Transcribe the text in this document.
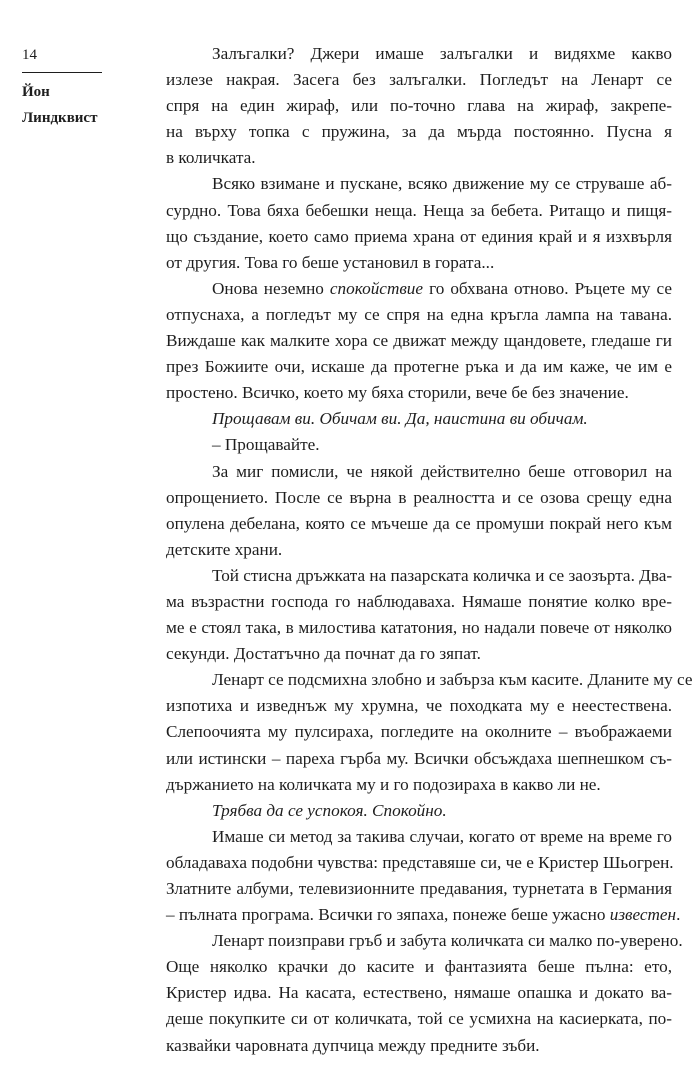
14
Йон
Линдквист

Залъгалки? Джери имаше залъгалки и видяхме какво
излезе накрая. Засега без залъгалки. Погледът на Ленарт се
спря на един жираф, или по-точно глава на жираф, закрепе-
на върху топка с пружина, за да мърда постоянно. Пусна я
в количката.

Всяко взимане и пускане, всяко движение му се струваше аб-
сурдно. Това бяха бебешки неща. Неща за бебета. Ритащо и пищя-
що създание, което само приема храна от единия край и я изхвърля
от другия. Това го беше установил в гората...

Онова неземно спокойствие го обхвана отново. Ръцете му се
отпуснаха, а погледът му се спря на една кръгла лампа на тавана.
Виждаше как малките хора се движат между щандовете, гледаше ги
през Божиите очи, искаше да протегне ръка и да им каже, че им е
простено. Всичко, което му бяха сторили, вече бе без значение.

Прощавам ви. Обичам ви. Да, наистина ви обичам.

– Прощавайте.

За миг помисли, че някой действително беше отговорил на
опрощението. После се върна в реалността и се озова срещу една
опулена дебелана, която се мъчеше да се промуши покрай него към
детските храни.

Той стисна дръжката на пазарската количка и се заозърта. Два-
ма възрастни господа го наблюдаваха. Нямаше понятие колко вре-
ме е стоял така, в милостива кататония, но надали повече от няколко
секунди. Достатъчно да почнат да го зяпат.

Ленарт се подсмихна злобно и забърза към касите. Дланите му се
изпотиха и изведнъж му хрумна, че походката му е неестествена.
Слепоочията му пулсираха, погледите на околните – въображаеми
или истински – пареха гърба му. Всички обсъждаха шепнешком съ-
държанието на количката му и го подозираха в какво ли не.

Трябва да се успокоя. Спокойно.

Имаше си метод за такива случаи, когато от време на време го
обладаваха подобни чувства: представяше си, че е Кристер Шьогрен.
Златните албуми, телевизионните предавания, турнетата в Германия
– пълната програма. Всички го зяпаха, понеже беше ужасно известен.

Ленарт поизправи гръб и забута количката си малко по-уверено.
Още няколко крачки до касите и фантазията беше пълна: ето,
Кристер идва. На касата, естествено, нямаше опашка и докато ва-
деше покупките си от количката, той се усмихна на касиерката, по-
казвайки чаровната дупчица между предните зъби.
